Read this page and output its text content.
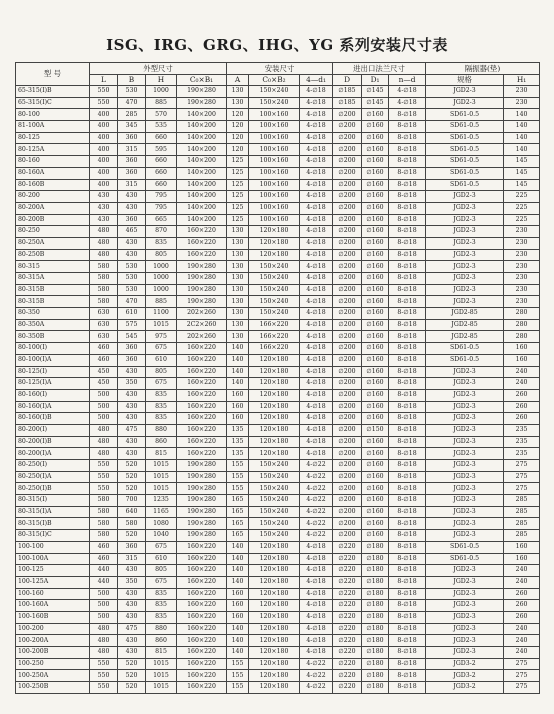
ISG、IRG、GRG、IHG、YG 系列安装尺寸表
型 号	外型尺寸				安装尺寸			进出口法兰尺寸			隔振器(垫)	
	L	B	H	C₀×B₁	A	C₀×B₂	4—d₁	D	D₁	n—d	规格	H₁
65-315(I)B	550	530	1000	190×280	130	150×240	4-∅18	∅185	∅145	4-∅18	JGD2-3	230
65-315(I)C	550	470	885	190×280	130	150×240	4-∅18	∅185	∅145	4-∅18	JGD2-3	230
80-100	400	285	570	140×200	120	100×160	4-∅18	∅200	∅160	8-∅18	SD61-0.5	140
81-100A	400	345	535	140×200	120	100×160	4-∅18	∅200	∅160	8-∅18	SD61-0.5	140
80-125	400	360	660	140×200	120	100×160	4-∅18	∅200	∅160	8-∅18	SD61-0.5	140
80-125A	400	315	595	140×200	120	100×160	4-∅18	∅200	∅160	8-∅18	SD61-0.5	140
80-160	400	360	660	140×200	125	100×160	4-∅18	∅200	∅160	8-∅18	SD61-0.5	145
80-160A	400	360	660	140×200	125	100×160	4-∅18	∅200	∅160	8-∅18	SD61-0.5	145
80-160B	400	315	660	140×200	125	100×160	4-∅18	∅200	∅160	8-∅18	SD61-0.5	145
80-200	430	430	795	140×200	125	100×160	4-∅18	∅200	∅160	8-∅18	JGD2-3	225
80-200A	430	430	795	140×200	125	100×160	4-∅18	∅200	∅160	8-∅18	JGD2-3	225
80-200B	430	360	665	140×200	125	100×160	4-∅18	∅200	∅160	8-∅18	JGD2-3	225
80-250	480	465	870	160×220	130	120×180	4-∅18	∅200	∅160	8-∅18	JGD2-3	230
80-250A	480	430	835	160×220	130	120×180	4-∅18	∅200	∅160	8-∅18	JGD2-3	230
80-250B	480	430	805	160×220	130	120×180	4-∅18	∅200	∅160	8-∅18	JGD2-3	230
80-315	580	530	1000	190×280	130	150×240	4-∅18	∅200	∅160	8-∅18	JGD2-3	230
80-315A	580	530	1000	190×280	130	150×240	4-∅18	∅200	∅160	8-∅18	JGD2-3	230
80-315B	580	530	1000	190×280	130	150×240	4-∅18	∅200	∅160	8-∅18	JGD2-3	230
80-315B	580	470	885	190×280	130	150×240	4-∅18	∅200	∅160	8-∅18	JGD2-3	230
80-350	630	610	1100	202×260	130	150×240	4-∅18	∅200	∅160	8-∅18	JGD2-85	280
80-350A	630	575	1015	2C2×260	130	166×220	4-∅18	∅200	∅160	8-∅18	JGD2-85	280
80-350B	630	545	975	202×260	130	166×220	4-∅18	∅200	∅160	8-∅18	JGD2-85	280
80-100(I)	460	360	675	160×220	140	166×220	4-∅18	∅200	∅160	8-∅18	SD61-0.5	160
80-100(I)A	460	360	610	160×220	140	120×180	4-∅18	∅200	∅160	8-∅18	SD61-0.5	160
80-125(I)	450	430	805	160×220	140	120×180	4-∅18	∅200	∅160	8-∅18	JGD2-3	240
80-125(I)A	450	350	675	160×220	140	120×180	4-∅18	∅200	∅160	8-∅18	JGD2-3	240
80-160(I)	500	430	835	160×220	160	120×180	4-∅18	∅200	∅160	8-∅18	JGD2-3	260
80-160(I)A	500	430	835	160×220	160	120×180	4-∅18	∅200	∅160	8-∅18	JGD2-3	260
80-160(I)B	500	430	835	160×220	160	120×180	4-∅18	∅200	∅160	8-∅18	JGD2-3	260
80-200(I)	480	475	880	160×220	135	120×180	4-∅18	∅200	∅150	8-∅18	JGD2-3	235
80-200(I)B	480	430	860	160×220	135	120×180	4-∅18	∅200	∅160	8-∅18	JGD2-3	235
80-200(I)A	480	430	815	160×220	135	120×180	4-∅18	∅200	∅160	8-∅18	JGD2-3	235
80-250(I)	550	520	1015	190×280	155	150×240	4-∅22	∅200	∅160	8-∅18	JGD2-3	275
80-250(I)A	550	520	1015	190×280	155	150×240	4-∅22	∅200	∅160	8-∅18	JGD2-3	275
80-250(I)B	550	520	1015	190×280	155	150×240	4-∅22	∅200	∅160	8-∅18	JGD2-3	275
80-315(I)	580	700	1235	190×280	165	150×240	4-∅22	∅200	∅160	8-∅18	JGD2-3	285
80-315(I)A	580	640	1165	190×280	165	150×240	4-∅22	∅200	∅160	8-∅18	JGD2-3	285
80-315(I)B	580	580	1080	190×280	165	150×240	4-∅22	∅200	∅160	8-∅18	JGD2-3	285
80-315(I)C	580	520	1040	190×280	165	150×240	4-∅22	∅200	∅160	8-∅18	JGD2-3	285
100-100	460	360	675	160×220	140	120×180	4-∅18	∅220	∅180	8-∅18	SD61-0.5	160
100-100A	460	315	610	160×220	140	120×180	4-∅18	∅220	∅180	8-∅18	SD61-0.5	160
100-125	440	430	805	160×220	140	120×180	4-∅18	∅220	∅180	8-∅18	JGD2-3	240
100-125A	440	350	675	160×220	140	120×180	4-∅18	∅220	∅180	8-∅18	JGD2-3	240
100-160	500	430	835	160×220	160	120×180	4-∅18	∅220	∅180	8-∅18	JGD2-3	260
100-160A	500	430	835	160×220	160	120×180	4-∅18	∅220	∅180	8-∅18	JGD2-3	260
100-160B	500	430	835	160×220	160	120×180	4-∅18	∅220	∅180	8-∅18	JGD2-3	260
100-200	480	475	880	160×220	140	120×180	4-∅18	∅220	∅180	8-∅18	JGD2-3	240
100-200A	480	430	860	160×220	140	120×180	4-∅18	∅220	∅180	8-∅18	JGD2-3	240
100-200B	480	430	815	160×220	140	120×180	4-∅18	∅220	∅180	8-∅18	JGD2-3	240
100-250	550	520	1015	160×220	155	120×180	4-∅22	∅220	∅180	8-∅18	JGD3-2	275
100-250A	550	520	1015	160×220	155	120×180	4-∅22	∅220	∅180	8-∅18	JGD3-2	275
100-250B	550	520	1015	160×220	155	120×180	4-∅22	∅220	∅180	8-∅18	JGD3-2	275
